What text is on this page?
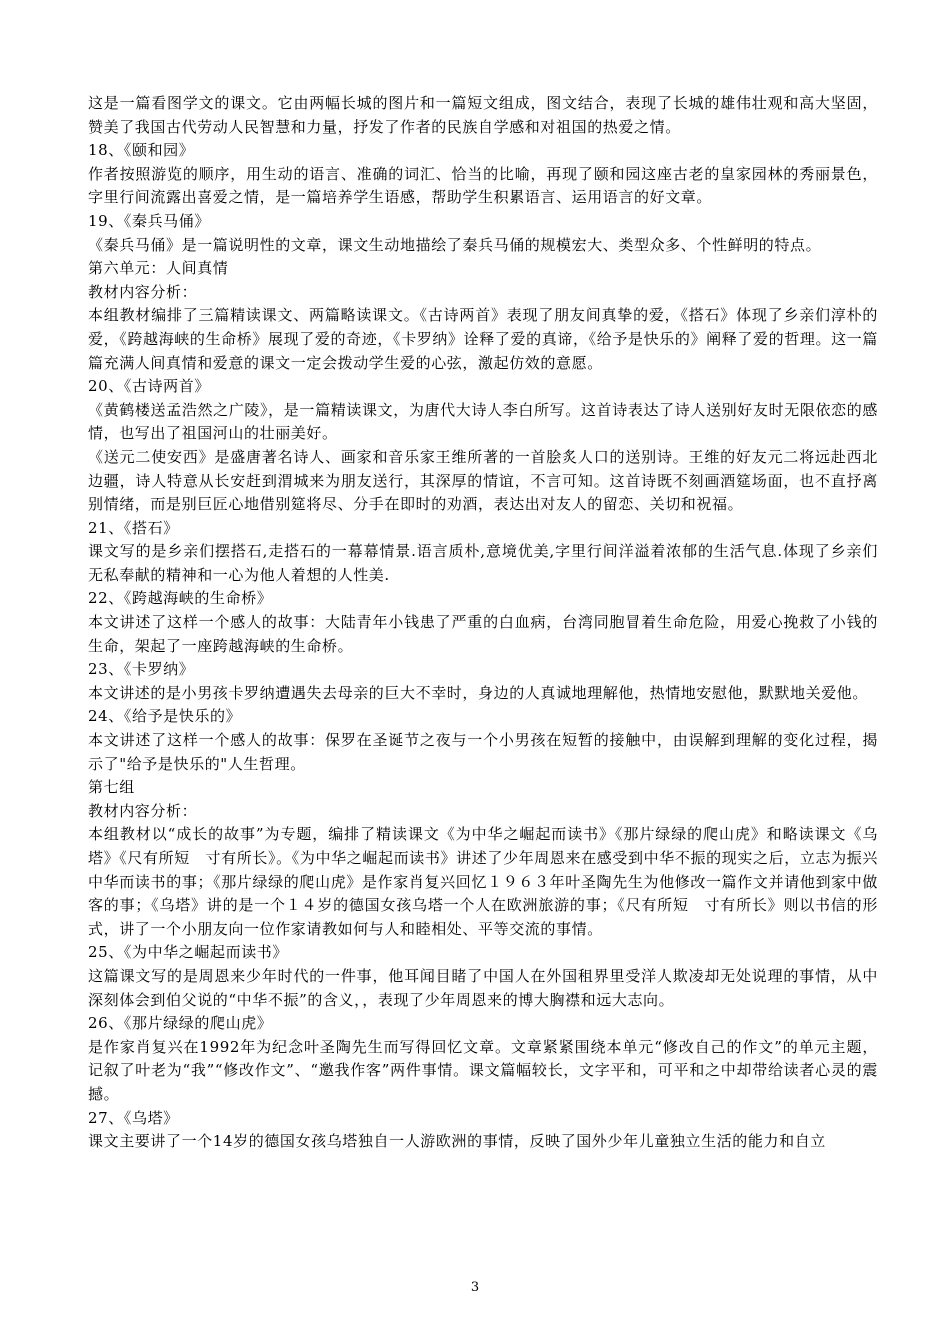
这是一篇看图学文的课文。它由两幅长城的图片和一篇短文组成，图文结合，表现了长城的雄伟壮观和高大坚固，赞美了我国古代劳动人民智慧和力量，抒发了作者的民族自学感和对祖国的热爱之情。

18、《颐和园》

作者按照游览的顺序，用生动的语言、准确的词汇、恰当的比喻，再现了颐和园这座古老的皇家园林的秀丽景色，字里行间流露出喜爱之情，是一篇培养学生语感，帮助学生积累语言、运用语言的好文章。

19、《秦兵马俑》

《秦兵马俑》是一篇说明性的文章，课文生动地描绘了秦兵马俑的规模宏大、类型众多、个性鲜明的特点。

第六单元：人间真情

教材内容分析：

本组教材编排了三篇精读课文、两篇略读课文。《古诗两首》表现了朋友间真挚的爱，《搭石》体现了乡亲们淳朴的爱，《跨越海峡的生命桥》展现了爱的奇迹，《卡罗纳》诠释了爱的真谛，《给予是快乐的》阐释了爱的哲理。这一篇篇充满人间真情和爱意的课文一定会拨动学生爱的心弦，激起仿效的意愿。

20、《古诗两首》

《黄鹤楼送孟浩然之广陵》，是一篇精读课文，为唐代大诗人李白所写。这首诗表达了诗人送别好友时无限依恋的感情，也写出了祖国河山的壮丽美好。

《送元二使安西》是盛唐著名诗人、画家和音乐家王维所著的一首脍炙人口的送别诗。王维的好友元二将远赴西北边疆，诗人特意从长安赶到渭城来为朋友送行，其深厚的情谊，不言可知。这首诗既不刻画酒筵场面，也不直抒离别情绪，而是别巨匠心地借别筵将尽、分手在即时的劝酒，表达出对友人的留恋、关切和祝福。

21、《搭石》

课文写的是乡亲们摆搭石,走搭石的一幕幕情景.语言质朴,意境优美,字里行间洋溢着浓郁的生活气息.体现了乡亲们无私奉献的精神和一心为他人着想的人性美.

22、《跨越海峡的生命桥》

本文讲述了这样一个感人的故事：大陆青年小钱患了严重的白血病，台湾同胞冒着生命危险，用爱心挽救了小钱的生命，架起了一座跨越海峡的生命桥。

23、《卡罗纳》

本文讲述的是小男孩卡罗纳遭遇失去母亲的巨大不幸时，身边的人真诚地理解他，热情地安慰他，默默地关爱他。

24、《给予是快乐的》

本文讲述了这样一个感人的故事：保罗在圣诞节之夜与一个小男孩在短暂的接触中，由误解到理解的变化过程，揭示了"给予是快乐的"人生哲理。

第七组

教材内容分析：

本组教材以“成长的故事”为专题，编排了精读课文《为中华之崛起而读书》《那片绿绿的爬山虎》和略读课文《乌塔》《尺有所短　寸有所长》。《为中华之崛起而读书》讲述了少年周恩来在感受到中华不振的现实之后，立志为振兴中华而读书的事；《那片绿绿的爬山虎》是作家肖复兴回忆１９６３年叶圣陶先生为他修改一篇作文并请他到家中做客的事；《乌塔》讲的是一个１４岁的德国女孩乌塔一个人在欧洲旅游的事；《尺有所短　寸有所长》则以书信的形式，讲了一个小朋友向一位作家请教如何与人和睦相处、平等交流的事情。

25、《为中华之崛起而读书》

这篇课文写的是周恩来少年时代的一件事，他耳闻目睹了中国人在外国租界里受洋人欺凌却无处说理的事情，从中深刻体会到伯父说的“中华不振”的含义，，表现了少年周恩来的博大胸襟和远大志向。

26、《那片绿绿的爬山虎》

是作家肖复兴在1992年为纪念叶圣陶先生而写得回忆文章。文章紧紧围绕本单元“修改自己的作文”的单元主题，记叙了叶老为“我”“修改作文”、“邀我作客”两件事情。课文篇幅较长，文字平和，可平和之中却带给读者心灵的震撼。

27、《乌塔》

课文主要讲了一个14岁的德国女孩乌塔独自一人游欧洲的事情，反映了国外少年儿童独立生活的能力和自立

3
